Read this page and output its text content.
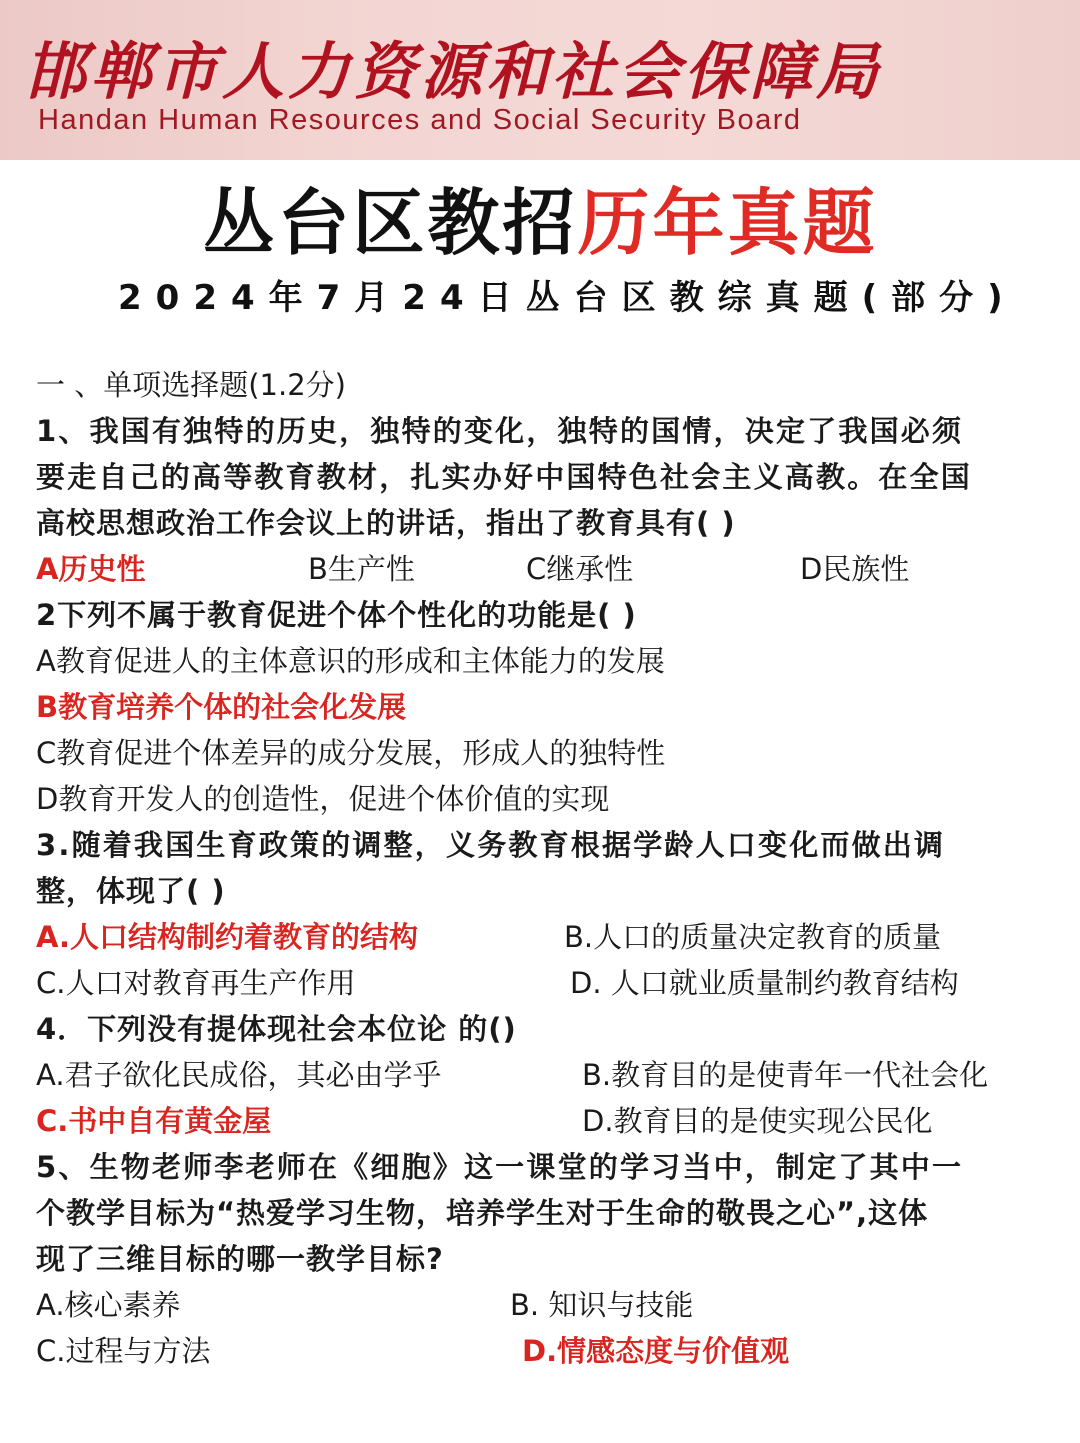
邯郸市人力资源和社会保障局
Handan Human Resources and Social Security Board
丛台区教招历年真题
2024年7月24日丛台区教综真题(部分)
一 、单项选择题(1.2分)
1、我国有独特的历史，独特的变化，独特的国情，决定了我国必须
要走自己的高等教育教材，扎实办好中国特色社会主义高教。在全国
高校思想政治工作会议上的讲话，指出了教育具有( )
A历史性	B生产性	C继承性	D民族性
2下列不属于教育促进个体个性化的功能是( )
A教育促进人的主体意识的形成和主体能力的发展
B教育培养个体的社会化发展
C教育促进个体差异的成分发展，形成人的独特性
D教育开发人的创造性，促进个体价值的实现
3.随着我国生育政策的调整，义务教育根据学龄人口变化而做出调
整，体现了( )
A.人口结构制约着教育的结构	B.人口的质量决定教育的质量
C.人口对教育再生产作用	D. 人口就业质量制约教育结构
4．下列没有提体现社会本位论 的()
A.君子欲化民成俗，其必由学乎	B.教育目的是使青年一代社会化
C.书中自有黄金屋	D.教育目的是使实现公民化
5、生物老师李老师在《细胞》这一课堂的学习当中，制定了其中一
个教学目标为“热爱学习生物，培养学生对于生命的敬畏之心”,这体
现了三维目标的哪一教学目标?
A.核心素养	B. 知识与技能
C.过程与方法	D.情感态度与价值观
